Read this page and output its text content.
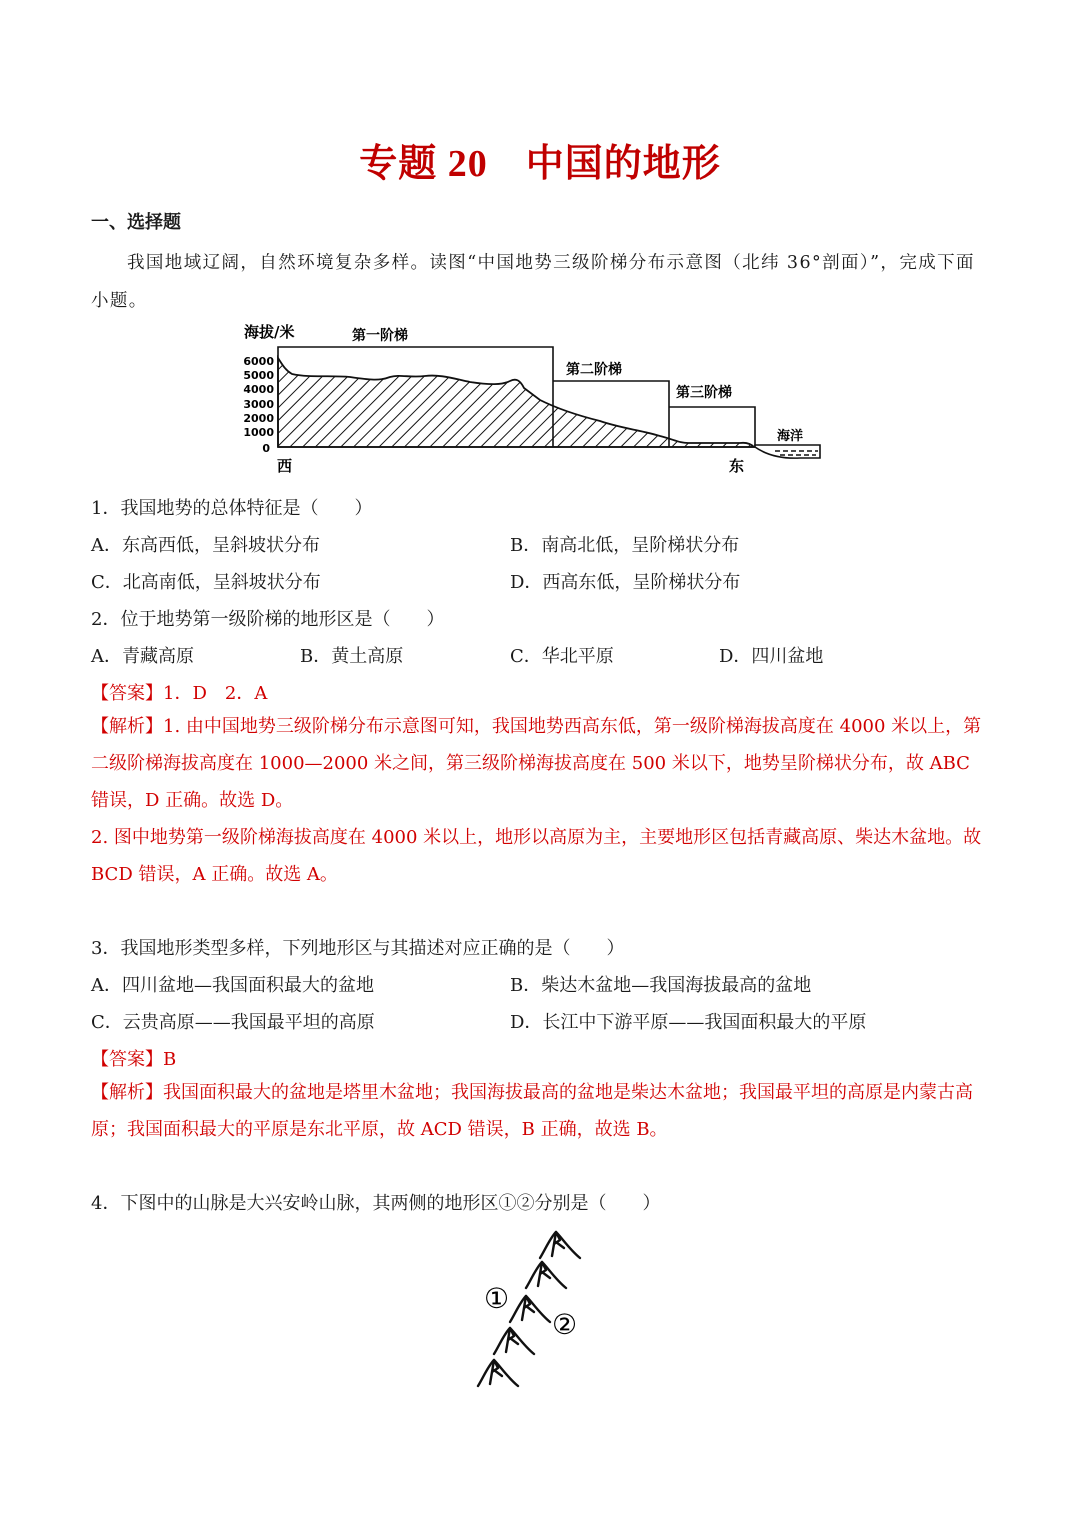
专题 20 中国的地形
一、选择题
我国地域辽阔，自然环境复杂多样。读图“中国地势三级阶梯分布示意图（北纬 36°剖面）”，完成下面小题。
海拔/米	第一阶梯
第二阶梯
第三阶梯
海洋
6000
5000
4000
3000
2000
1000
0
西	东
1．我国地势的总体特征是（　　）
A．东高西低，呈斜坡状分布	B．南高北低，呈阶梯状分布
C．北高南低，呈斜坡状分布	D．西高东低，呈阶梯状分布
2．位于地势第一级阶梯的地形区是（　　）
A．青藏高原	B．黄土高原	C．华北平原	D．四川盆地
【答案】1．D　2．A
【解析】1. 由中国地势三级阶梯分布示意图可知，我国地势西高东低，第一级阶梯海拔高度在 4000 米以上，第二级阶梯海拔高度在 1000—2000 米之间，第三级阶梯海拔高度在 500 米以下，地势呈阶梯状分布，故 ABC 错误，D 正确。故选 D。
2. 图中地势第一级阶梯海拔高度在 4000 米以上，地形以高原为主，主要地形区包括青藏高原、柴达木盆地。故 BCD 错误，A 正确。故选 A。
3．我国地形类型多样，下列地形区与其描述对应正确的是（　　）
A．四川盆地—我国面积最大的盆地	B．柴达木盆地—我国海拔最高的盆地
C．云贵高原——我国最平坦的高原	D．长江中下游平原——我国面积最大的平原
【答案】B
【解析】我国面积最大的盆地是塔里木盆地；我国海拔最高的盆地是柴达木盆地；我国最平坦的高原是内蒙古高原；我国面积最大的平原是东北平原，故 ACD 错误，B 正确，故选 B。
4．下图中的山脉是大兴安岭山脉，其两侧的地形区①②分别是（　　）
①
②
